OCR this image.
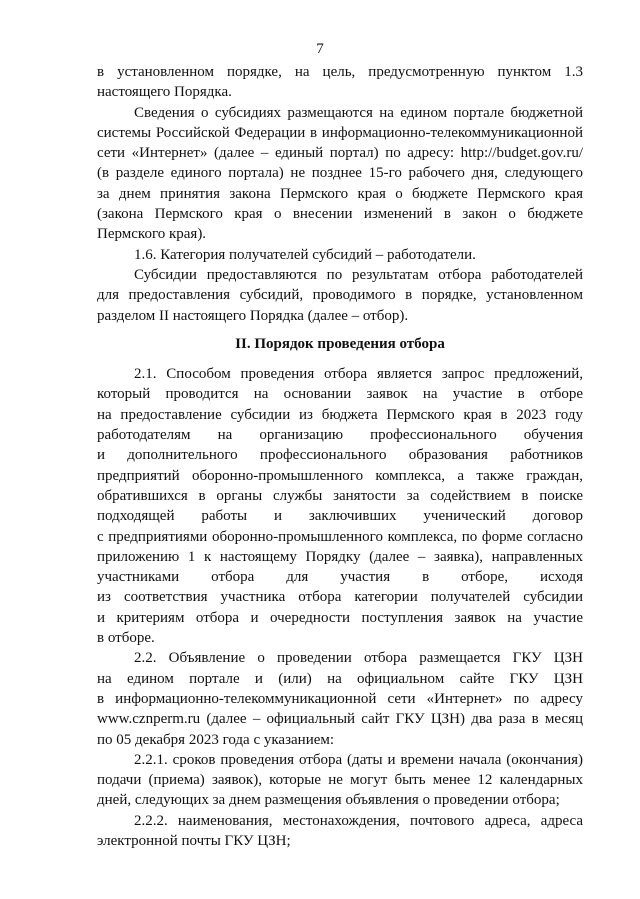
7
в установленном порядке, на цель, предусмотренную пунктом 1.3
настоящего Порядка.
Сведения о субсидиях размещаются на едином портале бюджетной
системы Российской Федерации в информационно-телекоммуникационной
сети «Интернет» (далее – единый портал) по адресу: http://budget.gov.ru/
(в разделе единого портала) не позднее 15-го рабочего дня, следующего
за днем принятия закона Пермского края о бюджете Пермского края
(закона Пермского края о внесении изменений в закон о бюджете
Пермского края).
1.6. Категория получателей субсидий – работодатели.
Субсидии предоставляются по результатам отбора работодателей
для предоставления субсидий, проводимого в порядке, установленном
разделом II настоящего Порядка (далее – отбор).
II. Порядок проведения отбора
2.1. Способом проведения отбора является запрос предложений,
который проводится на основании заявок на участие в отборе
на предоставление субсидии из бюджета Пермского края в 2023 году
работодателям на организацию профессионального обучения
и дополнительного профессионального образования работников
предприятий оборонно-промышленного комплекса, а также граждан,
обратившихся в органы службы занятости за содействием в поиске
подходящей работы и заключивших ученический договор
с предприятиями оборонно-промышленного комплекса, по форме согласно
приложению 1 к настоящему Порядку (далее – заявка), направленных
участниками отбора для участия в отборе, исходя
из соответствия участника отбора категории получателей субсидии
и критериям отбора и очередности поступления заявок на участие
в отборе.
2.2. Объявление о проведении отбора размещается ГКУ ЦЗН
на едином портале и (или) на официальном сайте ГКУ ЦЗН
в информационно-телекоммуникационной сети «Интернет» по адресу
www.cznperm.ru (далее – официальный сайт ГКУ ЦЗН) два раза в месяц
по 05 декабря 2023 года с указанием:
2.2.1. сроков проведения отбора (даты и времени начала (окончания)
подачи (приема) заявок), которые не могут быть менее 12 календарных
дней, следующих за днем размещения объявления о проведении отбора;
2.2.2. наименования, местонахождения, почтового адреса, адреса
электронной почты ГКУ ЦЗН;
